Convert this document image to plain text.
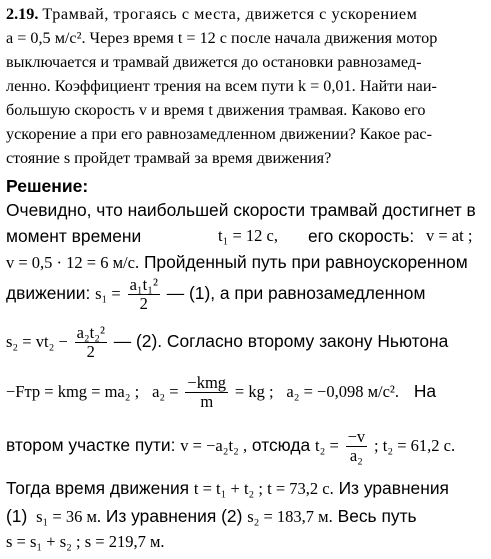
2.19. Трамвай, трогаясь с места, движется с ускорением
a = 0,5 м/с². Через время t = 12 с после начала движения мотор
выключается и трамвай движется до остановки равнозамед-
ленно. Коэффициент трения на всем пути k = 0,01. Найти наи-
большую скорость v и время t движения трамвая. Каково его
ускорение a при его равнозамедленном движении? Какое рас-
стояние s пройдет трамвай за время движения?
Решение:
Очевидно, что наибольшей скорости трамвай достигнет в
момент времени	t₁ = 12 с, его скорость: v = at ;
v = 0,5 · 12 = 6 м/с. Пройденный путь при равноускоренном
движении: $s_1 = \frac{\text{a₁t₁²}}{2}$ — (1), а при равнозамедленном
$s_2 = vt_2 - \frac{\text{a₂t₂²}}{2}$ — (2). Согласно второму закону Ньютона
−Fтр = kmg = ma₂ ; $a_2 = \frac{\text{−kmg}}{m}$ = kg ; a₂ = −0,098 м/с². На
втором участке пути: v = −a₂t₂ , отсюда $t_2 = \frac{-v}{\text{a₂}}$ ; t₂ = 61,2 с.
Тогда время движения t = t₁ + t₂ ; t = 73,2 с. Из уравнения
(1) s₁ = 36 м. Из уравнения (2) s₂ = 183,7 м. Весь путь
s = s₁ + s₂ ; s = 219,7 м.
